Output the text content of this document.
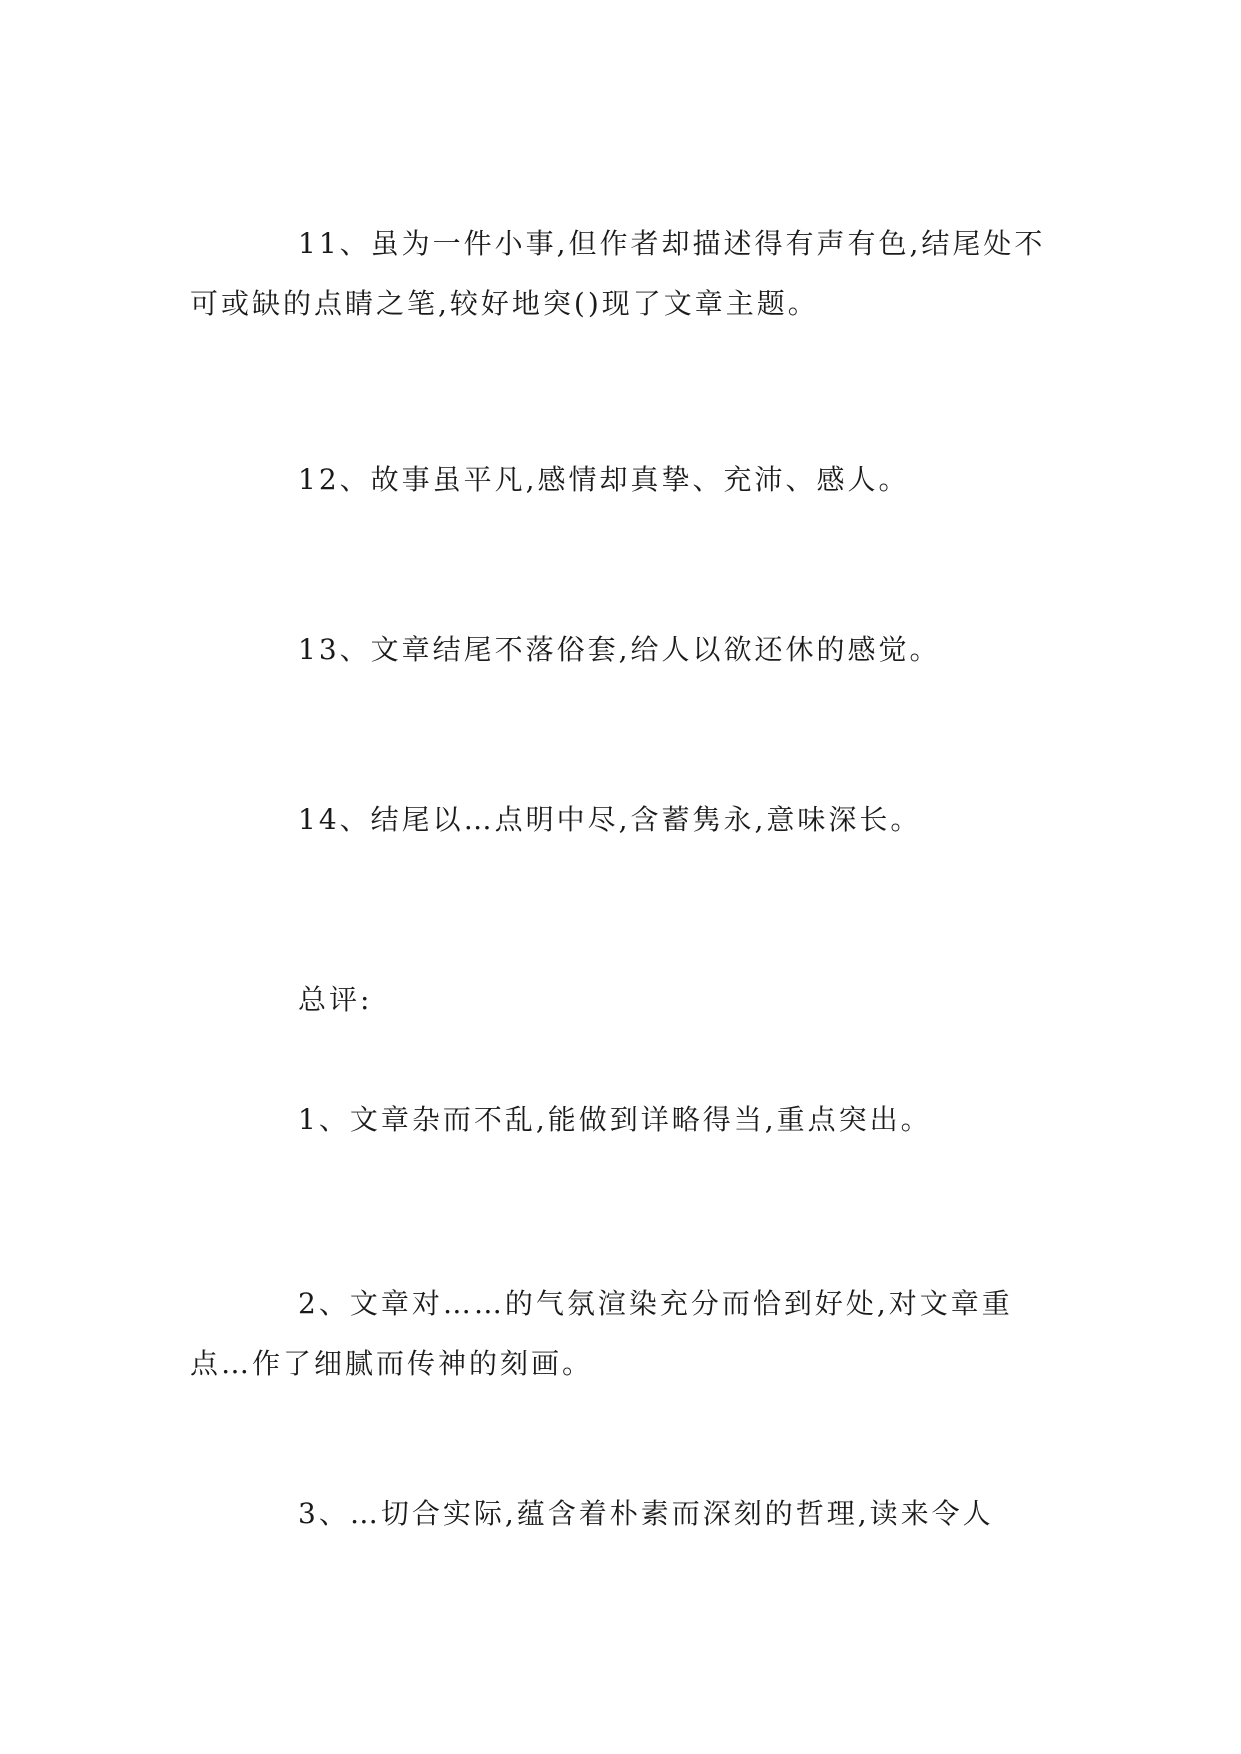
11、虽为一件小事,但作者却描述得有声有色,结尾处不可或缺的点睛之笔,较好地突()现了文章主题。

12、故事虽平凡,感情却真挚、充沛、感人。

13、文章结尾不落俗套,给人以欲还休的感觉。

14、结尾以…点明中尽,含蓄隽永,意味深长。

总评:

1、文章杂而不乱,能做到详略得当,重点突出。

2、文章对……的气氛渲染充分而恰到好处,对文章重点…作了细腻而传神的刻画。

3、…切合实际,蕴含着朴素而深刻的哲理,读来令人
